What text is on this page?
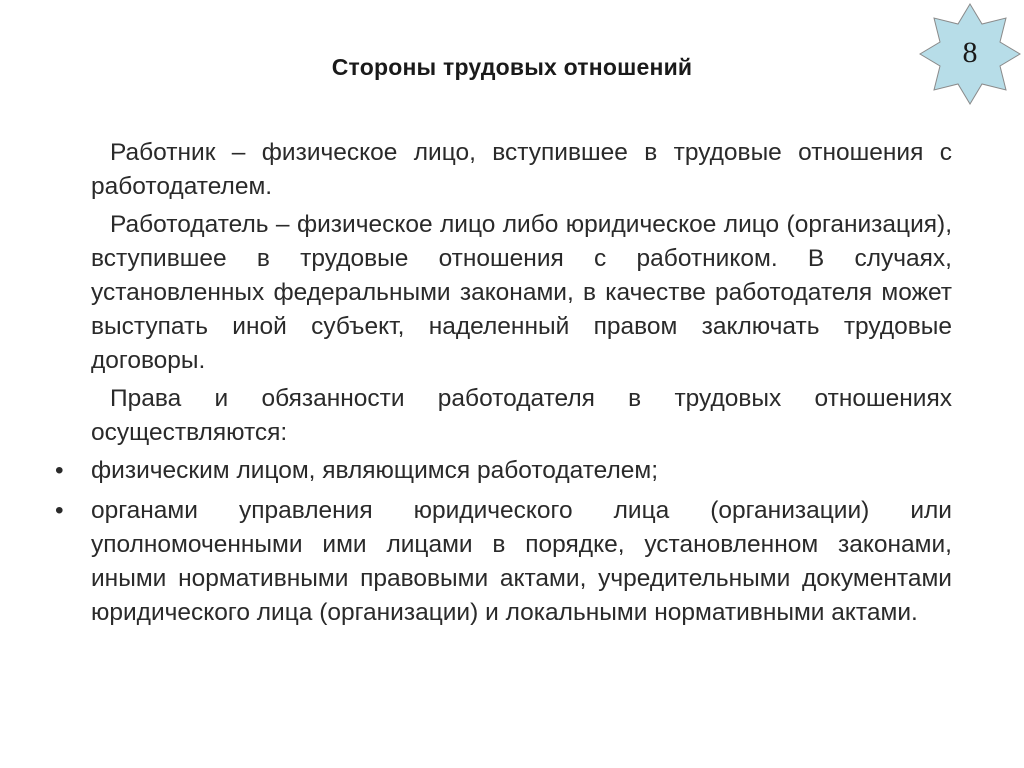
8
Стороны трудовых отношений

Работник – физическое лицо, вступившее в трудовые отношения с работодателем.

Работодатель – физическое лицо либо юридическое лицо (организация), вступившее в трудовые отношения с работником. В случаях, установленных федеральными законами, в качестве работодателя может выступать иной субъект, наделенный правом заключать трудовые договоры.

Права и обязанности работодателя в трудовых отношениях осуществляются:

• физическим лицом, являющимся работодателем;
• органами управления юридического лица (организации) или уполномоченными ими лицами в порядке, установленном законами, иными нормативными правовыми актами, учредительными документами юридического лица (организации) и локальными нормативными актами.
